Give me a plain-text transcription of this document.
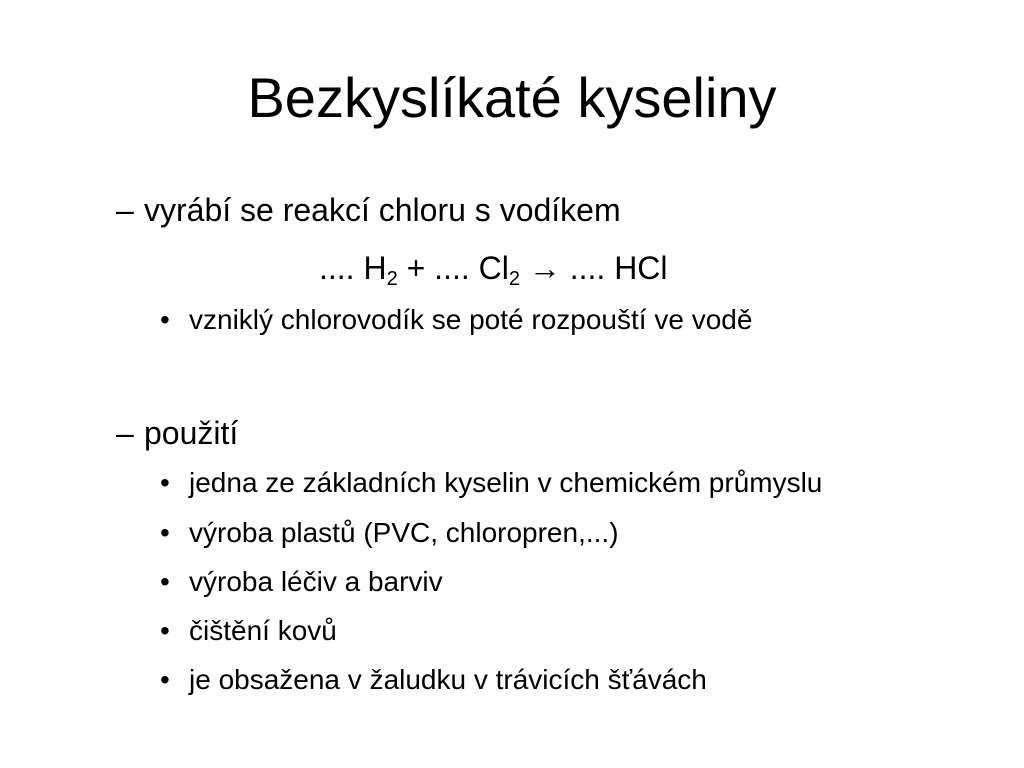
Bezkyslíkaté kyseliny
– vyrábí se reakcí chloru s vodíkem
.... $H_2$ + .... $Cl_2$ → .... HCl
• vzniklý chlorovodík se poté rozpouští ve vodě
– použití
• jedna ze základních kyselin v chemickém průmyslu
• výroba plastů (PVC, chloropren,...)
• výroba léčiv a barviv
• čištění kovů
• je obsažena v žaludku v trávicích šťávách
